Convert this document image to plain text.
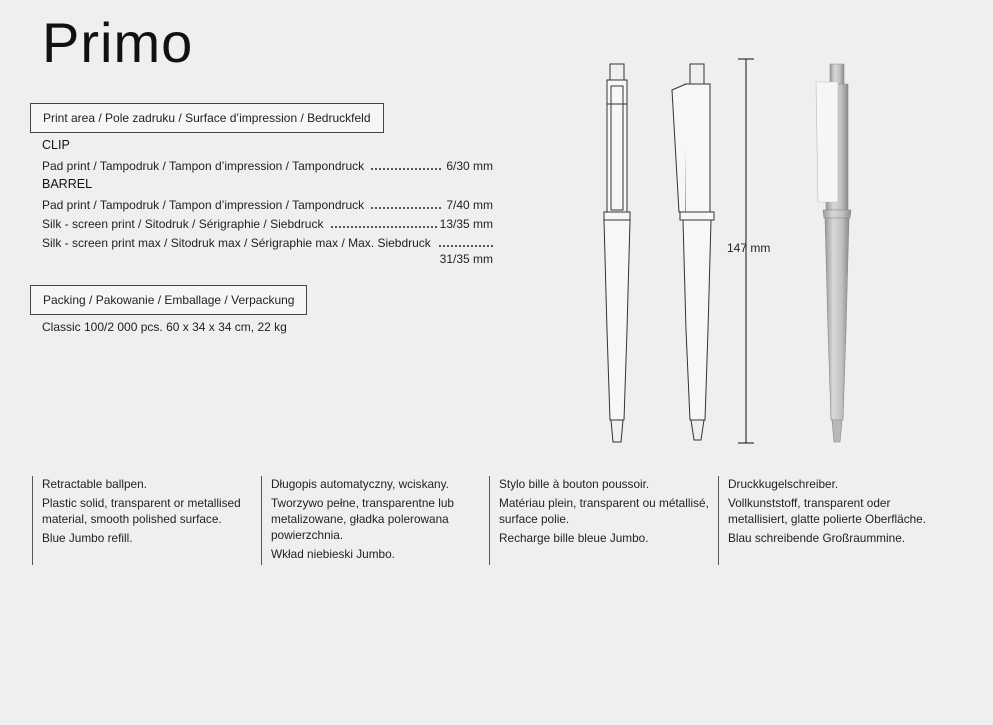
Primo
Print area / Pole zadruku / Surface d’impression / Bedruckfeld
CLIP
Pad print / Tampodruk / Tampon d’impression / Tampondruck	6/30 mm
BARREL
Pad print / Tampodruk / Tampon d’impression / Tampondruck	7/40 mm
Silk - screen print / Sitodruk / Sérigraphie / Siebdruck	13/35 mm
Silk - screen print max / Sitodruk max / Sérigraphie max / Max. Siebdruck
31/35 mm
Packing / Pakowanie / Emballage / Verpackung
Classic 100/2 000 pcs. 60 x 34 x 34 cm, 22 kg
147 mm

Retractable ballpen.

Plastic solid, transparent or metallised material, smooth polished surface.

Blue Jumbo refill.

Długopis automatyczny, wciskany.

Tworzywo pełne, transparentne lub metalizowane, gładka polerowana powierzchnia.

Wkład niebieski Jumbo.

Stylo bille à bouton poussoir.

Matériau plein, transparent ou métallisé, surface polie.

Recharge bille bleue Jumbo.

Druckkugelschreiber.

Vollkunststoff, transparent oder metallisiert, glatte polierte Oberfläche.

Blau schreibende Großraummine.
